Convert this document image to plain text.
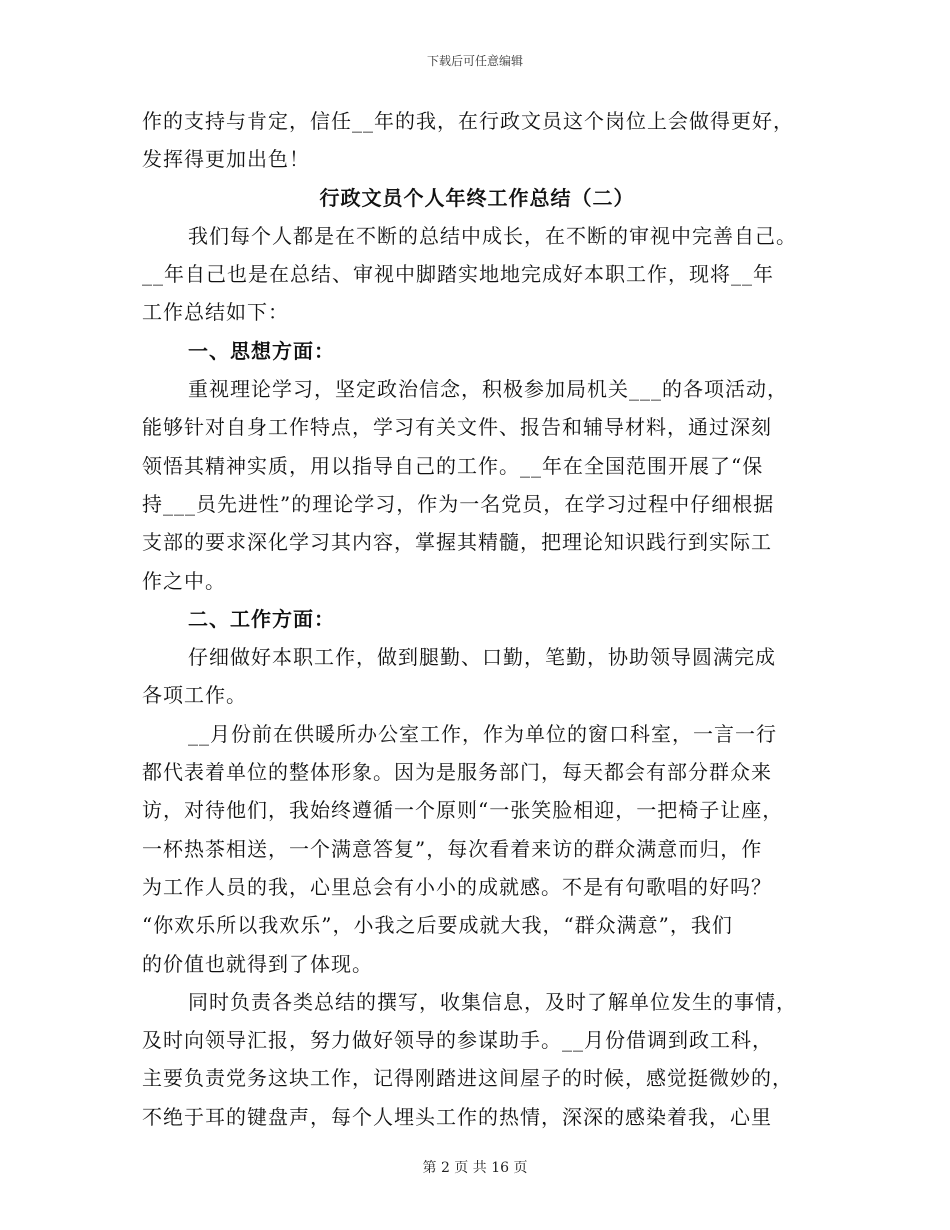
下载后可任意编辑
作的支持与肯定，信任__年的我，在行政文员这个岗位上会做得更好，
发挥得更加出色！
行政文员个人年终工作总结（二）
我们每个人都是在不断的总结中成长，在不断的审视中完善自己。
__年自己也是在总结、审视中脚踏实地地完成好本职工作，现将__年
工作总结如下：
一、思想方面：
重视理论学习，坚定政治信念，积极参加局机关___的各项活动，
能够针对自身工作特点，学习有关文件、报告和辅导材料，通过深刻
领悟其精神实质，用以指导自己的工作。__年在全国范围开展了“保
持___员先进性”的理论学习，作为一名党员，在学习过程中仔细根据
支部的要求深化学习其内容，掌握其精髓，把理论知识践行到实际工
作之中。
二、工作方面：
仔细做好本职工作，做到腿勤、口勤，笔勤，协助领导圆满完成
各项工作。
__月份前在供暖所办公室工作，作为单位的窗口科室，一言一行
都代表着单位的整体形象。因为是服务部门，每天都会有部分群众来
访，对待他们，我始终遵循一个原则“一张笑脸相迎，一把椅子让座，
一杯热茶相送，一个满意答复”，每次看着来访的群众满意而归，作
为工作人员的我，心里总会有小小的成就感。不是有句歌唱的好吗？
“你欢乐所以我欢乐”，小我之后要成就大我，“群众满意”，我们
的价值也就得到了体现。
同时负责各类总结的撰写，收集信息，及时了解单位发生的事情，
及时向领导汇报，努力做好领导的参谋助手。__月份借调到政工科，
主要负责党务这块工作，记得刚踏进这间屋子的时候，感觉挺微妙的，
不绝于耳的键盘声，每个人埋头工作的热情，深深的感染着我，心里
第 2 页 共 16 页
